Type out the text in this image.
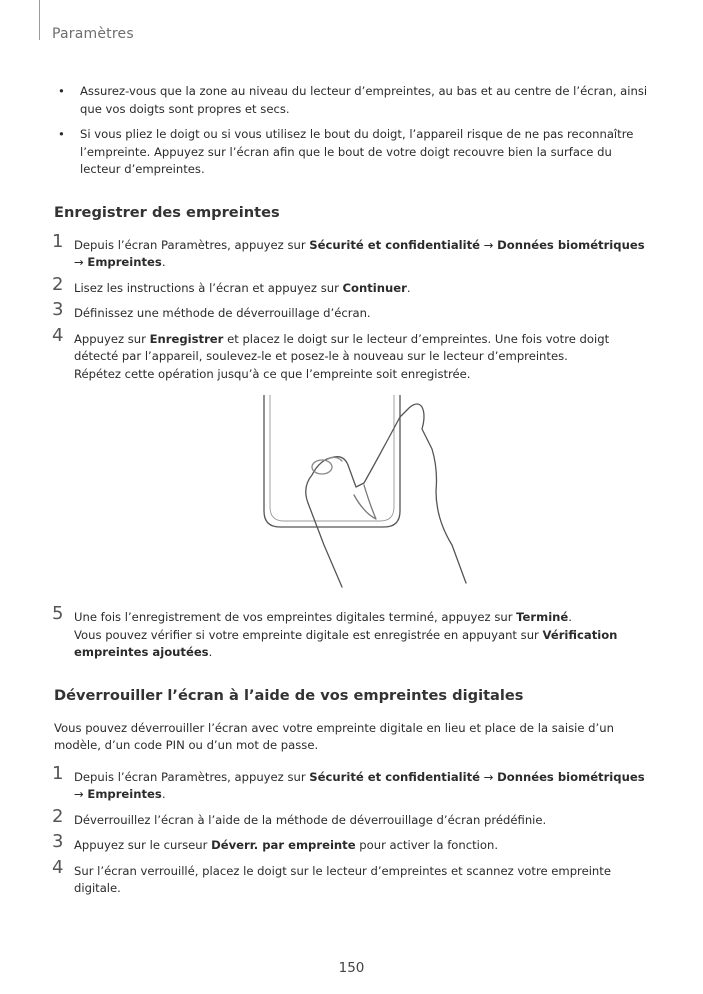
Paramètres
• Assurez-vous que la zone au niveau du lecteur d’empreintes, au bas et au centre de l’écran, ainsi que vos doigts sont propres et secs.
• Si vous pliez le doigt ou si vous utilisez le bout du doigt, l’appareil risque de ne pas reconnaître l’empreinte. Appuyez sur l’écran afin que le bout de votre doigt recouvre bien la surface du lecteur d’empreintes.
Enregistrer des empreintes
1 Depuis l’écran Paramètres, appuyez sur Sécurité et confidentialité → Données biométriques → Empreintes.
2 Lisez les instructions à l’écran et appuyez sur Continuer.
3 Définissez une méthode de déverrouillage d’écran.
4 Appuyez sur Enregistrer et placez le doigt sur le lecteur d’empreintes. Une fois votre doigt détecté par l’appareil, soulevez-le et posez-le à nouveau sur le lecteur d’empreintes.
Répétez cette opération jusqu’à ce que l’empreinte soit enregistrée.
5 Une fois l’enregistrement de vos empreintes digitales terminé, appuyez sur Terminé.
Vous pouvez vérifier si votre empreinte digitale est enregistrée en appuyant sur Vérification empreintes ajoutées.
Déverrouiller l’écran à l’aide de vos empreintes digitales

Vous pouvez déverrouiller l’écran avec votre empreinte digitale en lieu et place de la saisie d’un modèle, d’un code PIN ou d’un mot de passe.

1 Depuis l’écran Paramètres, appuyez sur Sécurité et confidentialité → Données biométriques → Empreintes.
2 Déverrouillez l’écran à l’aide de la méthode de déverrouillage d’écran prédéfinie.
3 Appuyez sur le curseur Déverr. par empreinte pour activer la fonction.
4 Sur l’écran verrouillé, placez le doigt sur le lecteur d’empreintes et scannez votre empreinte digitale.
150
